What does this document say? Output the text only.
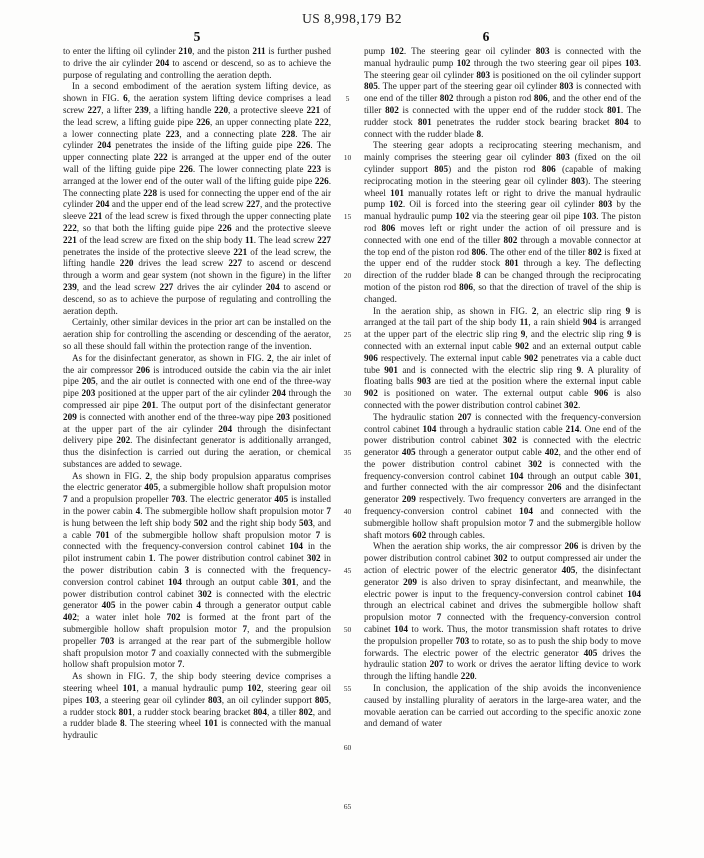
US 8,998,179 B2
5	6

to enter the lifting oil cylinder 210, and the piston 211 is further pushed to drive the air cylinder 204 to ascend or descend, so as to achieve the purpose of regulating and controlling the aeration depth.

In a second embodiment of the aeration system lifting device, as shown in FIG. 6, the aeration system lifting device comprises a lead screw 227, a lifter 239, a lifting handle 220, a protective sleeve 221 of the lead screw, a lifting guide pipe 226, an upper connecting plate 222, a lower connecting plate 223, and a connecting plate 228. The air cylinder 204 penetrates the inside of the lifting guide pipe 226. The upper connecting plate 222 is arranged at the upper end of the outer wall of the lifting guide pipe 226. The lower connecting plate 223 is arranged at the lower end of the outer wall of the lifting guide pipe 226. The connecting plate 228 is used for connecting the upper end of the air cylinder 204 and the upper end of the lead screw 227, and the protective sleeve 221 of the lead screw is fixed through the upper connecting plate 222, so that both the lifting guide pipe 226 and the protective sleeve 221 of the lead screw are fixed on the ship body 11. The lead screw 227 penetrates the inside of the protective sleeve 221 of the lead screw, the lifting handle 220 drives the lead screw 227 to ascend or descend through a worm and gear system (not shown in the figure) in the lifter 239, and the lead screw 227 drives the air cylinder 204 to ascend or descend, so as to achieve the purpose of regulating and controlling the aeration depth.

Certainly, other similar devices in the prior art can be installed on the aeration ship for controlling the ascending or descending of the aerator, so all these should fall within the protection range of the invention.

As for the disinfectant generator, as shown in FIG. 2, the air inlet of the air compressor 206 is introduced outside the cabin via the air inlet pipe 205, and the air outlet is connected with one end of the three-way pipe 203 positioned at the upper part of the air cylinder 204 through the compressed air pipe 201. The output port of the disinfectant generator 209 is connected with another end of the three-way pipe 203 positioned at the upper part of the air cylinder 204 through the disinfectant delivery pipe 202. The disinfectant generator is additionally arranged, thus the disinfection is carried out during the aeration, or chemical substances are added to sewage.

As shown in FIG. 2, the ship body propulsion apparatus comprises the electric generator 405, a submergible hollow shaft propulsion motor 7 and a propulsion propeller 703. The electric generator 405 is installed in the power cabin 4. The submergible hollow shaft propulsion motor 7 is hung between the left ship body 502 and the right ship body 503, and a cable 701 of the submergible hollow shaft propulsion motor 7 is connected with the frequency-conversion control cabinet 104 in the pilot instrument cabin 1. The power distribution control cabinet 302 in the power distribution cabin 3 is connected with the frequency-conversion control cabinet 104 through an output cable 301, and the power distribution control cabinet 302 is connected with the electric generator 405 in the power cabin 4 through a generator output cable 402; a water inlet hole 702 is formed at the front part of the submergible hollow shaft propulsion motor 7, and the propulsion propeller 703 is arranged at the rear part of the submergible hollow shaft propulsion motor 7 and coaxially connected with the submergible hollow shaft propulsion motor 7.

As shown in FIG. 7, the ship body steering device comprises a steering wheel 101, a manual hydraulic pump 102, steering gear oil pipes 103, a steering gear oil cylinder 803, an oil cylinder support 805, a rudder stock 801, a rudder stock bearing bracket 804, a tiller 802, and a rudder blade 8. The steering wheel 101 is connected with the manual hydraulic

5
10
15
20
25
30
35
40
45
50
55
60
65

pump 102. The steering gear oil cylinder 803 is connected with the manual hydraulic pump 102 through the two steering gear oil pipes 103. The steering gear oil cylinder 803 is positioned on the oil cylinder support 805. The upper part of the steering gear oil cylinder 803 is connected with one end of the tiller 802 through a piston rod 806, and the other end of the tiller 802 is connected with the upper end of the rudder stock 801. The rudder stock 801 penetrates the rudder stock bearing bracket 804 to connect with the rudder blade 8.

The steering gear adopts a reciprocating steering mechanism, and mainly comprises the steering gear oil cylinder 803 (fixed on the oil cylinder support 805) and the piston rod 806 (capable of making reciprocating motion in the steering gear oil cylinder 803). The steering wheel 101 manually rotates left or right to drive the manual hydraulic pump 102. Oil is forced into the steering gear oil cylinder 803 by the manual hydraulic pump 102 via the steering gear oil pipe 103. The piston rod 806 moves left or right under the action of oil pressure and is connected with one end of the tiller 802 through a movable connector at the top end of the piston rod 806. The other end of the tiller 802 is fixed at the upper end of the rudder stock 801 through a key. The deflecting direction of the rudder blade 8 can be changed through the reciprocating motion of the piston rod 806, so that the direction of travel of the ship is changed.

In the aeration ship, as shown in FIG. 2, an electric slip ring 9 is arranged at the tail part of the ship body 11, a rain shield 904 is arranged at the upper part of the electric slip ring 9, and the electric slip ring 9 is connected with an external input cable 902 and an external output cable 906 respectively. The external input cable 902 penetrates via a cable duct tube 901 and is connected with the electric slip ring 9. A plurality of floating balls 903 are tied at the position where the external input cable 902 is positioned on water. The external output cable 906 is also connected with the power distribution control cabinet 302.

The hydraulic station 207 is connected with the frequency-conversion control cabinet 104 through a hydraulic station cable 214. One end of the power distribution control cabinet 302 is connected with the electric generator 405 through a generator output cable 402, and the other end of the power distribution control cabinet 302 is connected with the frequency-conversion control cabinet 104 through an output cable 301, and further connected with the air compressor 206 and the disinfectant generator 209 respectively. Two frequency converters are arranged in the frequency-conversion control cabinet 104 and connected with the submergible hollow shaft propulsion motor 7 and the submergible hollow shaft motors 602 through cables.

When the aeration ship works, the air compressor 206 is driven by the power distribution control cabinet 302 to output compressed air under the action of electric power of the electric generator 405, the disinfectant generator 209 is also driven to spray disinfectant, and meanwhile, the electric power is input to the frequency-conversion control cabinet 104 through an electrical cabinet and drives the submergible hollow shaft propulsion motor 7 connected with the frequency-conversion control cabinet 104 to work. Thus, the motor transmission shaft rotates to drive the propulsion propeller 703 to rotate, so as to push the ship body to move forwards. The electric power of the electric generator 405 drives the hydraulic station 207 to work or drives the aerator lifting device to work through the lifting handle 220.

In conclusion, the application of the ship avoids the inconvenience caused by installing plurality of aerators in the large-area water, and the movable aeration can be carried out according to the specific anoxic zone and demand of water
